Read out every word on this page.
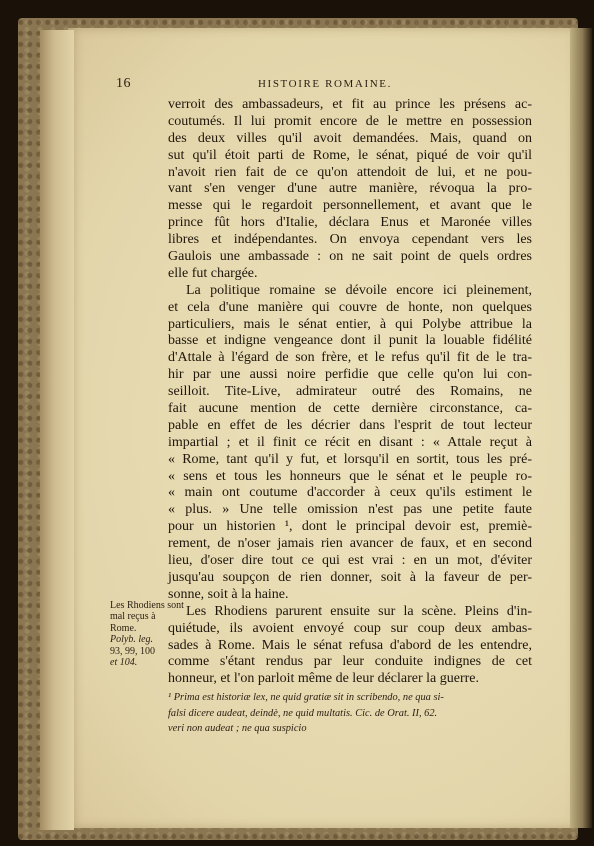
16	HISTOIRE ROMAINE.
verroit des ambassadeurs, et fit au prince les présens ac-
coutumés. Il lui promit encore de le mettre en possession
des deux villes qu'il avoit demandées. Mais, quand on
sut qu'il étoit parti de Rome, le sénat, piqué de voir qu'il
n'avoit rien fait de ce qu'on attendoit de lui, et ne pou-
vant s'en venger d'une autre manière, révoqua la pro-
messe qui le regardoit personnellement, et avant que le
prince fût hors d'Italie, déclara Enus et Maronée villes
libres et indépendantes. On envoya cependant vers les
Gaulois une ambassade : on ne sait point de quels ordres
elle fut chargée.
La politique romaine se dévoile encore ici pleinement,
et cela d'une manière qui couvre de honte, non quelques
particuliers, mais le sénat entier, à qui Polybe attribue la
basse et indigne vengeance dont il punit la louable fidélité
d'Attale à l'égard de son frère, et le refus qu'il fit de le tra-
hir par une aussi noire perfidie que celle qu'on lui con-
seilloit. Tite-Live, admirateur outré des Romains, ne
fait aucune mention de cette dernière circonstance, ca-
pable en effet de les décrier dans l'esprit de tout lecteur
impartial ; et il finit ce récit en disant : « Attale reçut à
« Rome, tant qu'il y fut, et lorsqu'il en sortit, tous les pré-
« sens et tous les honneurs que le sénat et le peuple ro-
« main ont coutume d'accorder à ceux qu'ils estiment le
« plus. » Une telle omission n'est pas une petite faute
pour un historien ¹, dont le principal devoir est, premiè-
rement, de n'oser jamais rien avancer de faux, et en second
lieu, d'oser dire tout ce qui est vrai : en un mot, d'éviter
jusqu'au soupçon de rien donner, soit à la faveur de per-
sonne, soit à la haine.
Les Rhodiens parurent ensuite sur la scène. Pleins d'in-
quiétude, ils avoient envoyé coup sur coup deux ambas-
sades à Rome. Mais le sénat refusa d'abord de les entendre,
comme s'étant rendus par leur conduite indignes de cet
honneur, et l'on parloit même de leur déclarer la guerre.
Les Rhodiens sont
mal reçus à
Rome.
Polyb. leg.
93, 99, 100
et 104.
¹ Prima est historiæ lex, ne quid gratiæ sit in scribendo, ne qua si-
falsi dicere audeat, deindè, ne quid multatis. Cic. de Orat. II, 62.
veri non audeat ; ne qua suspicio
